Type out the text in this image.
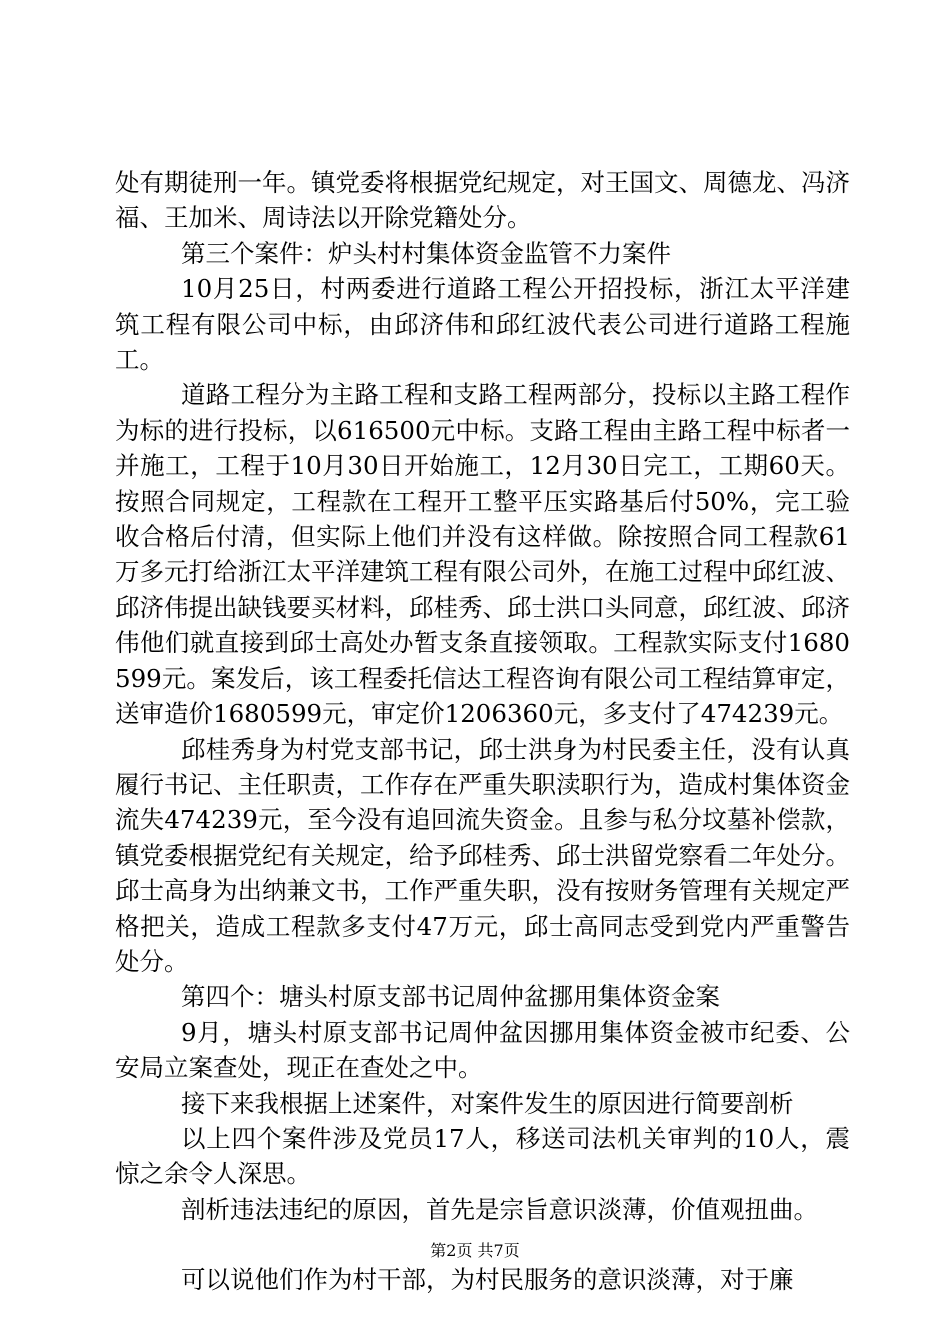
处有期徒刑一年。镇党委将根据党纪规定，对王国文、周德龙、冯济福、王加米、周诗法以开除党籍处分。

第三个案件：炉头村村集体资金监管不力案件

10月25日，村两委进行道路工程公开招投标，浙江太平洋建筑工程有限公司中标，由邱济伟和邱红波代表公司进行道路工程施工。

道路工程分为主路工程和支路工程两部分，投标以主路工程作为标的进行投标，以616500元中标。支路工程由主路工程中标者一并施工，工程于10月30日开始施工，12月30日完工，工期60天。按照合同规定，工程款在工程开工整平压实路基后付50%，完工验收合格后付清，但实际上他们并没有这样做。除按照合同工程款61万多元打给浙江太平洋建筑工程有限公司外，在施工过程中邱红波、邱济伟提出缺钱要买材料，邱桂秀、邱士洪口头同意，邱红波、邱济伟他们就直接到邱士高处办暂支条直接领取。工程款实际支付1680599元。案发后，该工程委托信达工程咨询有限公司工程结算审定，送审造价1680599元，审定价1206360元，多支付了474239元。

邱桂秀身为村党支部书记，邱士洪身为村民委主任，没有认真履行书记、主任职责，工作存在严重失职渎职行为，造成村集体资金流失474239元，至今没有追回流失资金。且参与私分坟墓补偿款，镇党委根据党纪有关规定，给予邱桂秀、邱士洪留党察看二年处分。邱士高身为出纳兼文书，工作严重失职，没有按财务管理有关规定严格把关，造成工程款多支付47万元，邱士高同志受到党内严重警告处分。

第四个：塘头村原支部书记周仲盆挪用集体资金案

9月，塘头村原支部书记周仲盆因挪用集体资金被市纪委、公安局立案查处，现正在查处之中。

接下来我根据上述案件，对案件发生的原因进行简要剖析

以上四个案件涉及党员17人，移送司法机关审判的10人，震惊之余令人深思。

剖析违法违纪的原因，首先是宗旨意识淡薄，价值观扭曲。

可以说他们作为村干部，为村民服务的意识淡薄，对于廉

第2页 共7页
